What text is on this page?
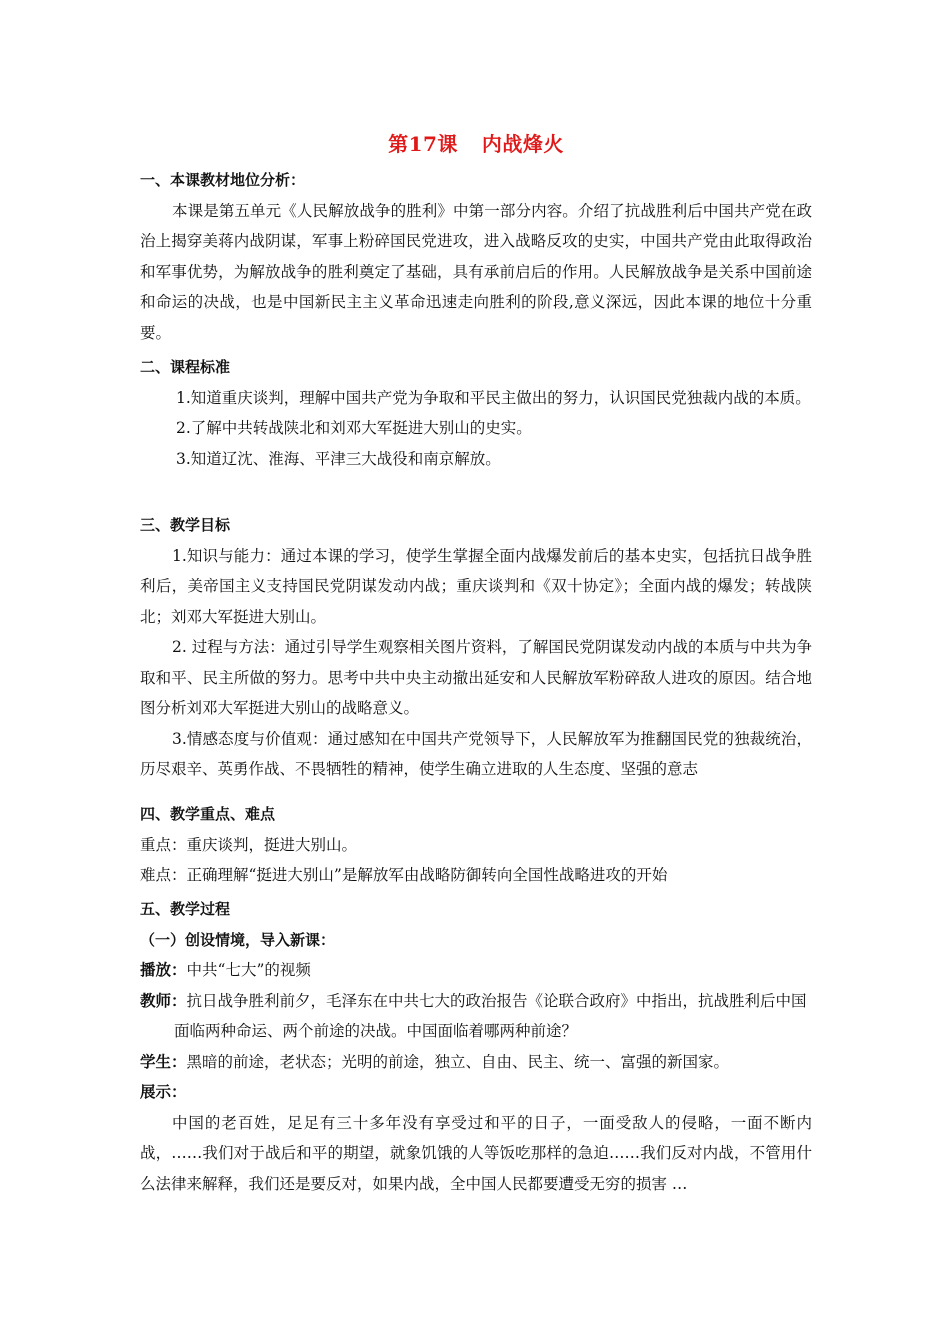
第17课 内战烽火
一、本课教材地位分析：

本课是第五单元《人民解放战争的胜利》中第一部分内容。介绍了抗战胜利后中国共产党在政治上揭穿美蒋内战阴谋，军事上粉碎国民党进攻，进入战略反攻的史实，中国共产党由此取得政治和军事优势，为解放战争的胜利奠定了基础，具有承前启后的作用。人民解放战争是关系中国前途和命运的决战，也是中国新民主主义革命迅速走向胜利的阶段,意义深远，因此本课的地位十分重要。

二、课程标准

1.知道重庆谈判，理解中国共产党为争取和平民主做出的努力，认识国民党独裁内战的本质。

2.了解中共转战陕北和刘邓大军挺进大别山的史实。

3.知道辽沈、淮海、平津三大战役和南京解放。

三、教学目标

1.知识与能力：通过本课的学习，使学生掌握全面内战爆发前后的基本史实，包括抗日战争胜利后，美帝国主义支持国民党阴谋发动内战；重庆谈判和《双十协定》；全面内战的爆发；转战陕北；刘邓大军挺进大别山。

2. 过程与方法：通过引导学生观察相关图片资料，了解国民党阴谋发动内战的本质与中共为争取和平、民主所做的努力。思考中共中央主动撤出延安和人民解放军粉碎敌人进攻的原因。结合地图分析刘邓大军挺进大别山的战略意义。

3.情感态度与价值观：通过感知在中国共产党领导下，人民解放军为推翻国民党的独裁统治，历尽艰辛、英勇作战、不畏牺牲的精神，使学生确立进取的人生态度、坚强的意志

四、教学重点、难点
重点：重庆谈判，挺进大别山。
难点：正确理解“挺进大别山”是解放军由战略防御转向全国性战略进攻的开始
五、教学过程
（一）创设情境，导入新课：
播放：中共“七大”的视频

教师：抗日战争胜利前夕，毛泽东在中共七大的政治报告《论联合政府》中指出，抗战胜利后中国面临两种命运、两个前途的决战。中国面临着哪两种前途？

学生：黑暗的前途，老状态；光明的前途，独立、自由、民主、统一、富强的新国家。
展示：

中国的老百姓，足足有三十多年没有享受过和平的日子，一面受敌人的侵略，一面不断内战，……我们对于战后和平的期望，就象饥饿的人等饭吃那样的急迫……我们反对内战，不管用什么法律来解释，我们还是要反对，如果内战，全中国人民都要遭受无穷的损害 …
